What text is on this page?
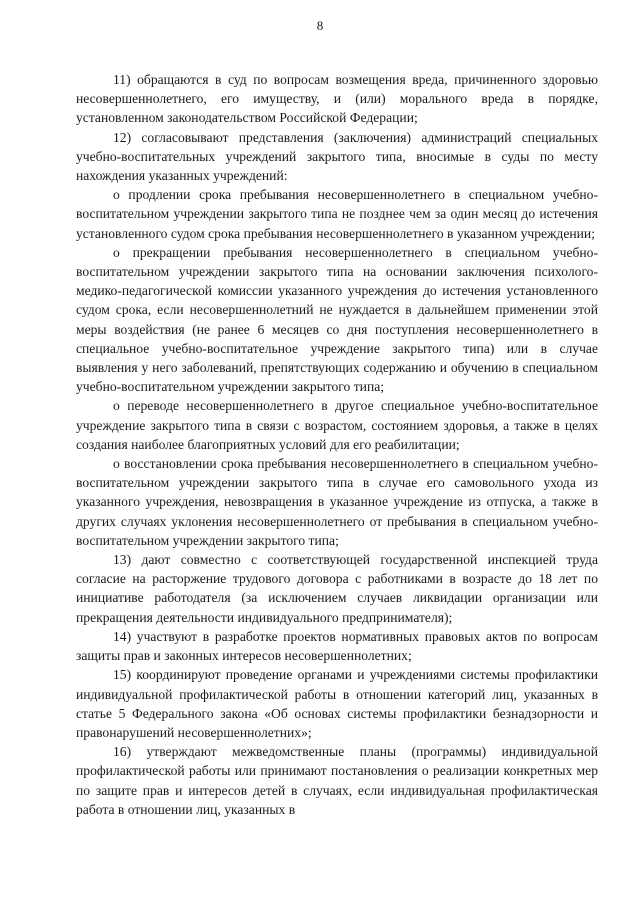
8

11) обращаются в суд по вопросам возмещения вреда, причиненного здоровью несовершеннолетнего, его имуществу, и (или) морального вреда в порядке, установленном законодательством Российской Федерации;

12) согласовывают представления (заключения) администраций специальных учебно-воспитательных учреждений закрытого типа, вносимые в суды по месту нахождения указанных учреждений:

о продлении срока пребывания несовершеннолетнего в специальном учебно-воспитательном учреждении закрытого типа не позднее чем за один месяц до истечения установленного судом срока пребывания несовершеннолетнего в указанном учреждении;

о прекращении пребывания несовершеннолетнего в специальном учебно-воспитательном учреждении закрытого типа на основании заключения психолого-медико-педагогической комиссии указанного учреждения до истечения установленного судом срока, если несовершеннолетний не нуждается в дальнейшем применении этой меры воздействия (не ранее 6 месяцев со дня поступления несовершеннолетнего в специальное учебно-воспитательное учреждение закрытого типа) или в случае выявления у него заболеваний, препятствующих содержанию и обучению в специальном учебно-воспитательном учреждении закрытого типа;

о переводе несовершеннолетнего в другое специальное учебно-воспитательное учреждение закрытого типа в связи с возрастом, состоянием здоровья, а также в целях создания наиболее благоприятных условий для его реабилитации;

о восстановлении срока пребывания несовершеннолетнего в специальном учебно-воспитательном учреждении закрытого типа в случае его самовольного ухода из указанного учреждения, невозвращения в указанное учреждение из отпуска, а также в других случаях уклонения несовершеннолетнего от пребывания в специальном учебно-воспитательном учреждении закрытого типа;

13) дают совместно с соответствующей государственной инспекцией труда согласие на расторжение трудового договора с работниками в возрасте до 18 лет по инициативе работодателя (за исключением случаев ликвидации организации или прекращения деятельности индивидуального предпринимателя);

14) участвуют в разработке проектов нормативных правовых актов по вопросам защиты прав и законных интересов несовершеннолетних;

15) координируют проведение органами и учреждениями системы профилактики индивидуальной профилактической работы в отношении категорий лиц, указанных в статье 5 Федерального закона «Об основах системы профилактики безнадзорности и правонарушений несовершеннолетних»;

16) утверждают межведомственные планы (программы) индивидуальной профилактической работы или принимают постановления о реализации конкретных мер по защите прав и интересов детей в случаях, если индивидуальная профилактическая работа в отношении лиц, указанных в
